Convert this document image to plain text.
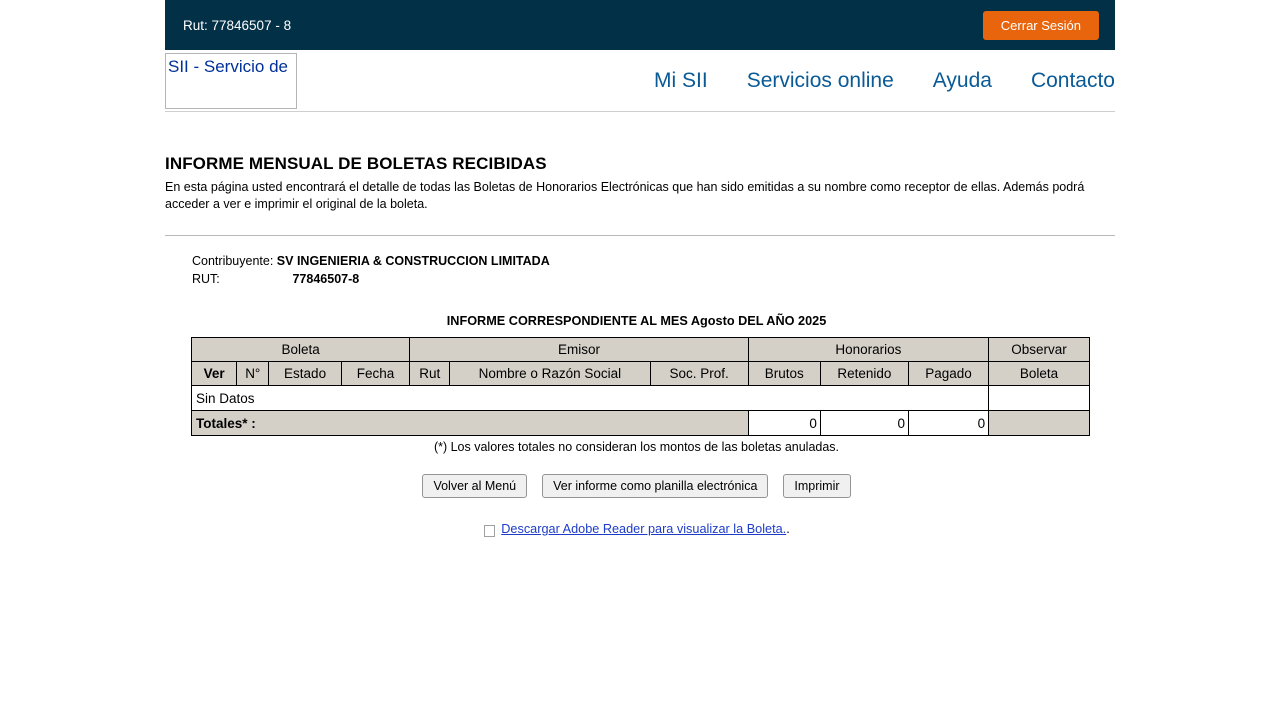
Rut: 77846507 - 8	Cerrar Sesión
SII - Servicio de
Mi SII Servicios online Ayuda Contacto
INFORME MENSUAL DE BOLETAS RECIBIDAS

En esta página usted encontrará el detalle de todas las Boletas de Honorarios Electrónicas que han sido emitidas a su nombre como receptor de ellas. Además podrá acceder a ver e imprimir el original de la boleta.

Contribuyente: SV INGENIERIA & CONSTRUCCION LIMITADA
RUT:	77846507-8
INFORME CORRESPONDIENTE AL MES Agosto DEL AÑO 2025
Boleta				Emisor			Honorarios			Observar
Ver	N°	Estado	Fecha	Rut	Nombre o Razón Social	Soc. Prof.	Brutos	Retenido	Pagado	Boleta
Sin Datos										
Totales* :							0	0	0	
(*) Los valores totales no consideran los montos de las boletas anuladas.
Volver al Menú	Ver informe como planilla electrónica	Imprimir
Descargar Adobe Reader para visualizar la Boleta. .
